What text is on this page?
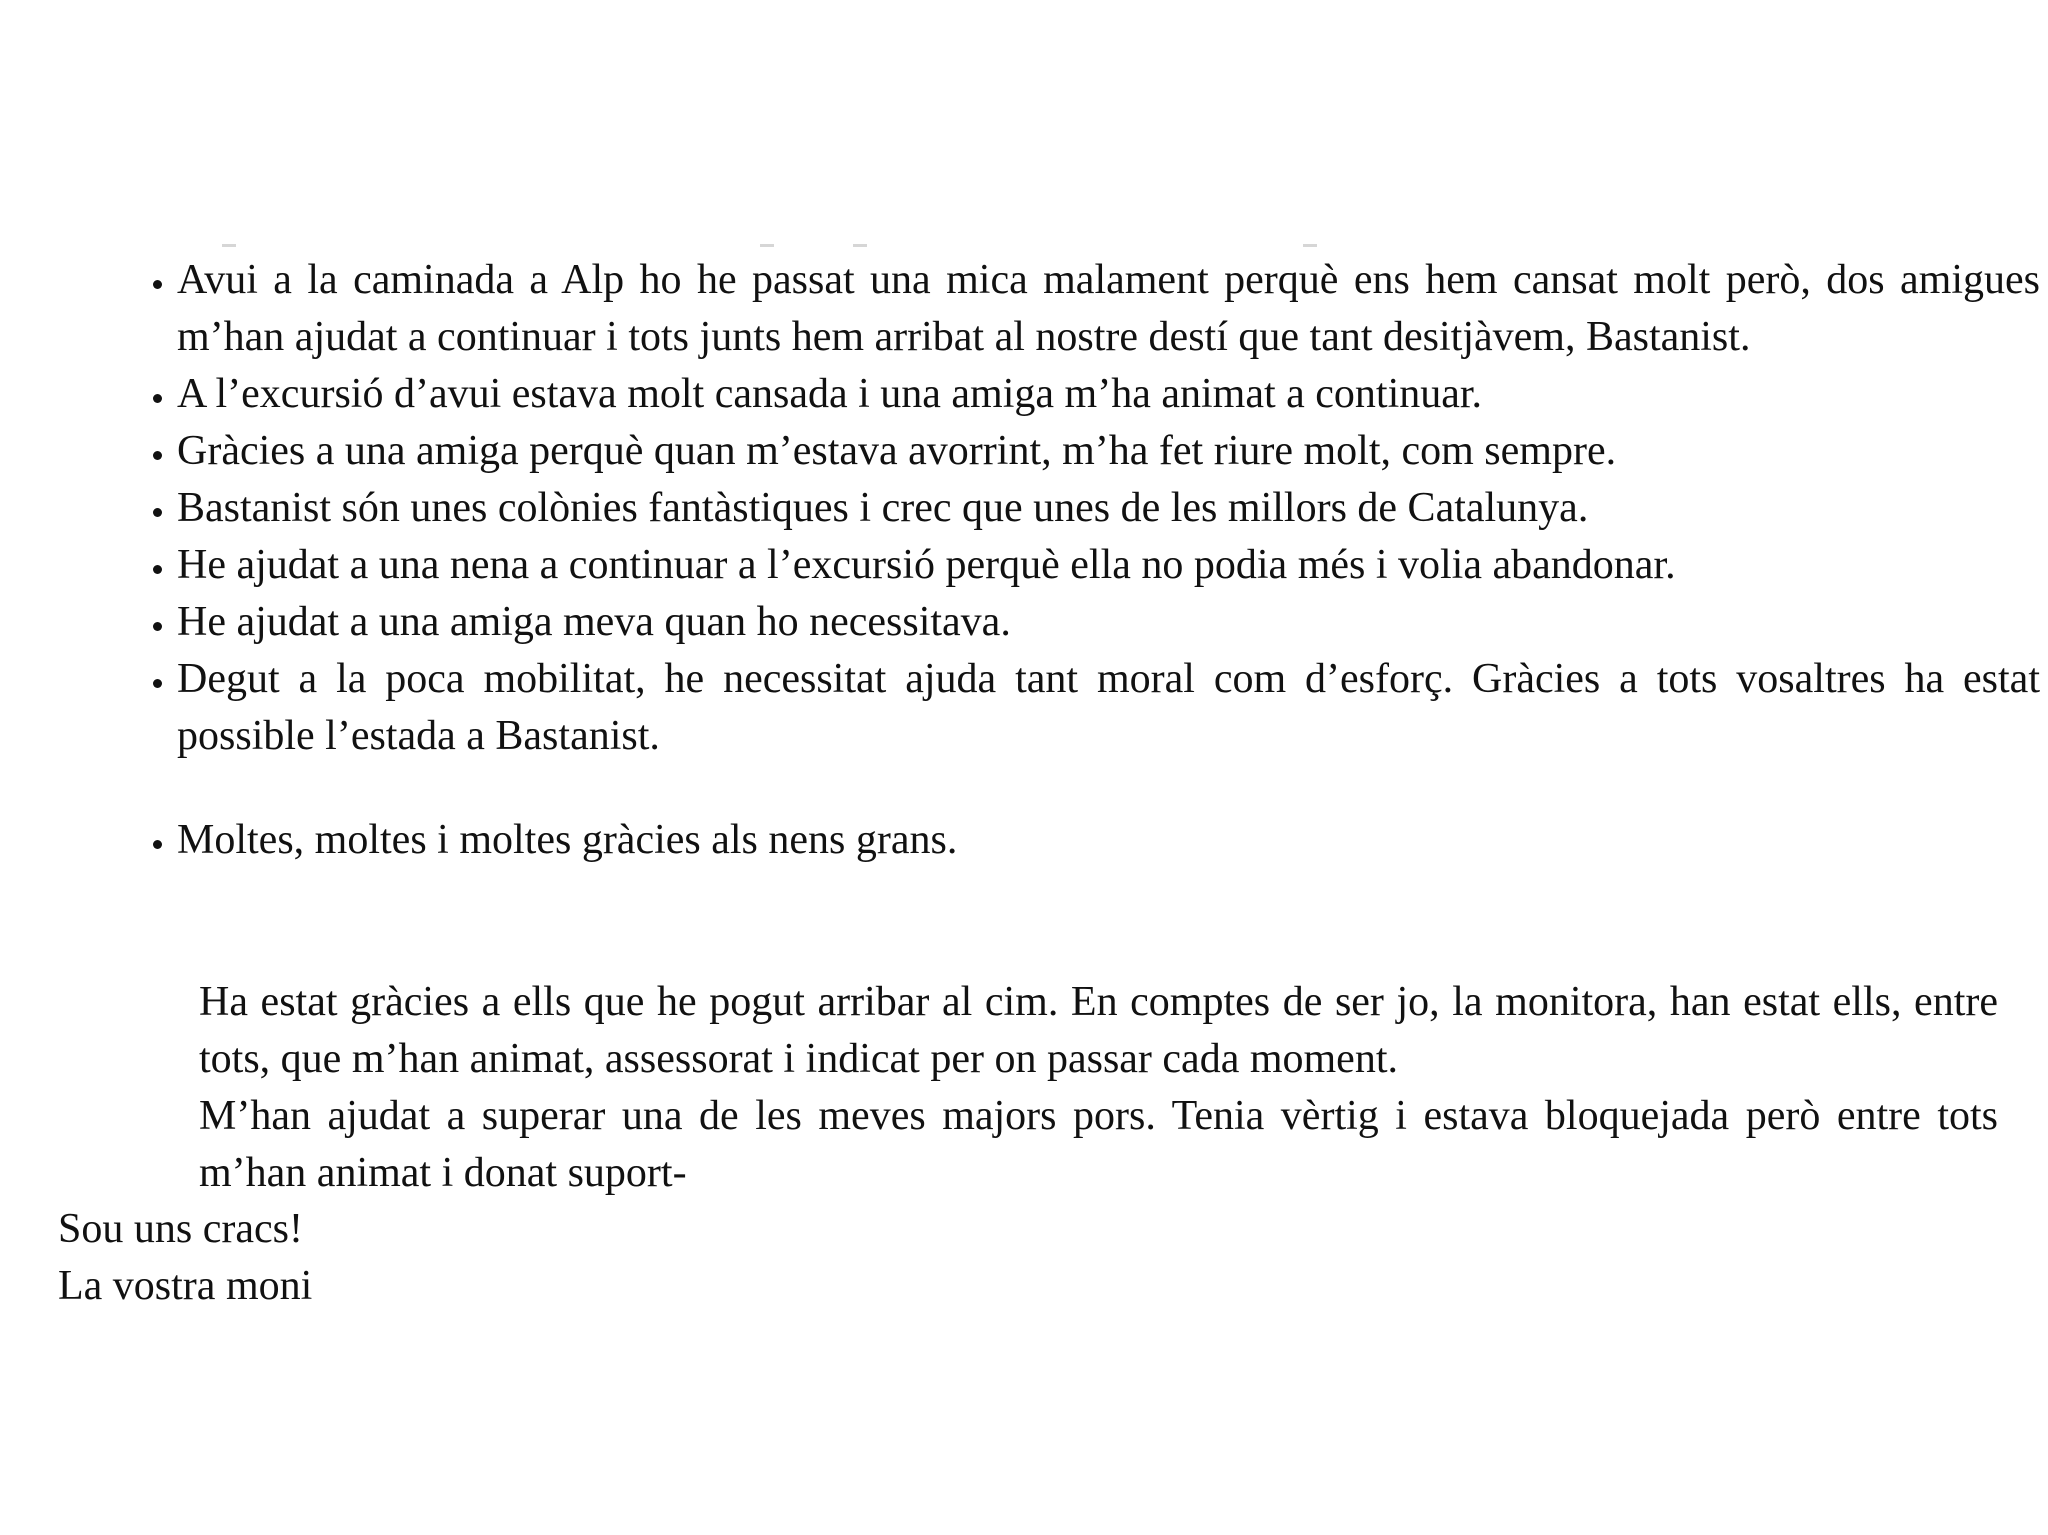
• Avui a la caminada a Alp ho he passat una mica malament perquè ens hem cansat molt però, dos amigues m’han ajudat a continuar i tots junts hem arribat al nostre destí que tant desitjàvem, Bastanist.
• A l’excursió d’avui estava molt cansada i una amiga m’ha animat a continuar.
• Gràcies a una amiga perquè quan m’estava avorrint, m’ha fet riure molt, com sempre.
• Bastanist són unes colònies fantàstiques i crec que unes de les millors de Catalunya.
• He ajudat a una nena a continuar a l’excursió perquè ella no podia més i volia abandonar.
• He ajudat a una amiga meva quan ho necessitava.
• Degut a la poca mobilitat, he necessitat ajuda tant moral com d’esforç. Gràcies a tots vosaltres ha estat possible l’estada a Bastanist.
• Moltes, moltes i moltes gràcies als nens grans.

Ha estat gràcies a ells que he pogut arribar al cim. En comptes de ser jo, la monitora, han estat ells, entre tots, que m’han animat, assessorat i indicat per on passar cada moment.

M’han ajudat a superar una de les meves majors pors. Tenia vèrtig i estava bloquejada però entre tots m’han animat i donat suport-

Sou uns cracs!

La vostra moni
